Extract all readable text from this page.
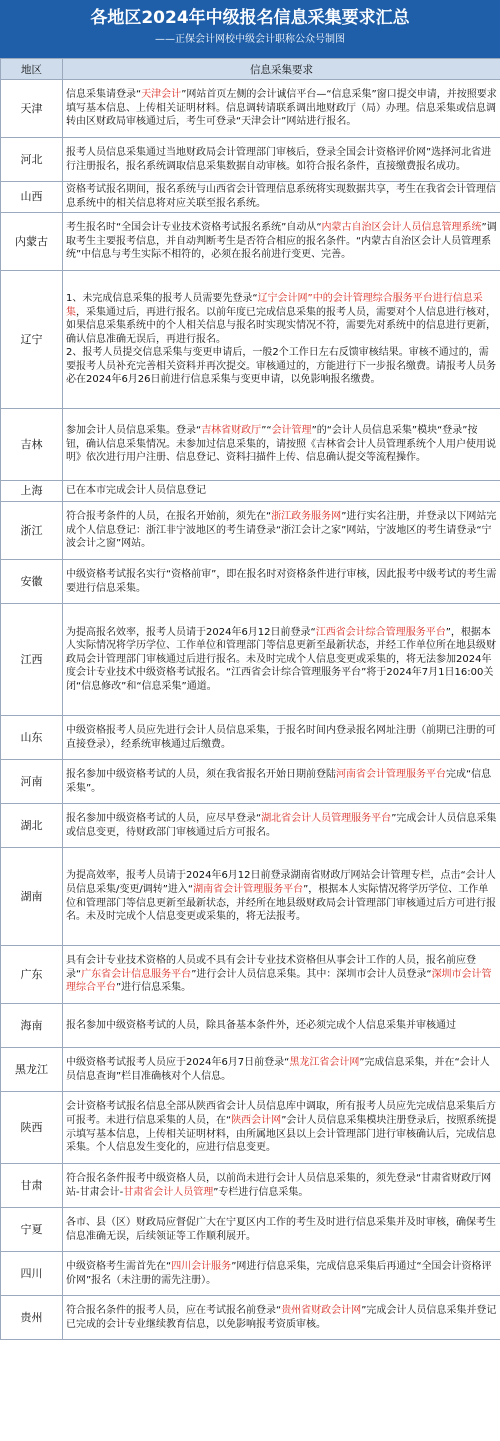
各地区2024年中级报名信息采集要求汇总
——正保会计网校中级会计职称公众号制图
地区	信息采集要求
天津	信息采集请登录“天津会计”网站首页左侧的会计诚信平台—“信息采集”窗口提交申请，并按照要求填写基本信息、上传相关证明材料。信息调转请联系调出地财政厅（局）办理。信息采集或信息调转由区财政局审核通过后，考生可登录“天津会计”网站进行报名。
河北	报考人员信息采集通过当地财政局会计管理部门审核后，登录全国会计资格评价网”选择河北省进行注册报名，报名系统调取信息采集数据自动审核。如符合报名条件，直接缴费报名成功。
山西	资格考试报名期间，报名系统与山西省会计管理信息系统将实现数据共享，考生在我省会计管理信息系统中的相关信息将对应关联至报名系统。
内蒙古	考生报名时“全国会计专业技术资格考试报名系统”自动从“内蒙古自治区会计人员信息管理系统”调取考生主要报考信息，并自动判断考生是否符合相应的报名条件。“内蒙古自治区会计人员管理系统”中信息与考生实际不相符的，必须在报名前进行变更、完善。
辽宁	1、未完成信息采集的报考人员需要先登录“辽宁会计网”中的会计管理综合服务平台进行信息采集，采集通过后，再进行报名。以前年度已完成信息采集的报考人员，需要对个人信息进行核对，如果信息采集系统中的个人相关信息与报名时实现实情况不符，需要先对系统中的信息进行更新，确认信息准确无误后，再进行报名。
2、报考人员提交信息采集与变更申请后，一般2个工作日左右反馈审核结果。审核不通过的，需要报考人员补充完善相关资料并再次提交。审核通过的，方能进行下一步报名缴费。请报考人员务必在2024年6月26日前进行信息采集与变更申请，以免影响报名缴费。
吉林	参加会计人员信息采集。登录“吉林省财政厅”“会计管理”的“会计人员信息采集”模块“登录”按钮，确认信息采集情况。未参加过信息采集的，请按照《吉林省会计人员管理系统个人用户使用说明》依次进行用户注册、信息登记、资料扫描件上传、信息确认提交等流程操作。
上海	已在本市完成会计人员信息登记
浙江	符合报考条件的人员，在报名开始前，须先在“浙江政务服务网”进行实名注册，并登录以下网站完成个人信息登记：浙江非宁波地区的考生请登录“浙江会计之家”网站，宁波地区的考生请登录“宁波会计之窗”网站。
安徽	中级资格考试报名实行“资格前审”，即在报名时对资格条件进行审核，因此报考中级考试的考生需要进行信息采集。
江西	为提高报名效率，报考人员请于2024年6月12日前登录“江西省会计综合管理服务平台”，根据本人实际情况将学历学位、工作单位和管理部门等信息更新至最新状态，并经工作单位所在地县级财政局会计管理部门审核通过后进行报名。未及时完成个人信息变更或采集的，将无法参加2024年度会计专业技术中级资格考试报名。“江西省会计综合管理服务平台”将于2024年7月1日16:00关闭“信息修改”和“信息采集”通道。
山东	中级资格报考人员应先进行会计人员信息采集，于报名时间内登录报名网址注册（前期已注册的可直接登录），经系统审核通过后缴费。
河南	报名参加中级资格考试的人员，须在我省报名开始日期前登陆河南省会计管理服务平台完成“信息采集”。
湖北	报名参加中级资格考试的人员，应尽早登录“湖北省会计人员管理服务平台”完成会计人员信息采集或信息变更，待财政部门审核通过后方可报名。
湖南	为提高效率，报考人员请于2024年6月12日前登录湖南省财政厅网站会计管理专栏，点击“会计人员信息采集/变更/调转”进入“湖南省会计管理服务平台”，根据本人实际情况将学历学位、工作单位和管理部门等信息更新至最新状态，并经所在地县级财政局会计管理部门审核通过后方可进行报名。未及时完成个人信息变更或采集的，将无法报考。
广东	具有会计专业技术资格的人员或不具有会计专业技术资格但从事会计工作的人员，报名前应登录“广东省会计信息服务平台”进行会计人员信息采集。其中：深圳市会计人员登录“深圳市会计管理综合平台”进行信息采集。
海南	报名参加中级资格考试的人员，除具备基本条件外，还必须完成个人信息采集并审核通过
黑龙江	中级资格考试报考人员应于2024年6月7日前登录“黑龙江省会计网”完成信息采集，并在“会计人员信息查询”栏目准确核对个人信息。
陕西	会计资格考试报名信息全部从陕西省会计人员信息库中调取，所有报考人员应先完成信息采集后方可报考。未进行信息采集的人员，在“陕西会计网”会计人员信息采集模块注册登录后，按照系统提示填写基本信息，上传相关证明材料，由所属地区县以上会计管理部门进行审核确认后，完成信息采集。个人信息发生变化的，应进行信息变更。
甘肃	符合报名条件报考中级资格人员，以前尚未进行会计人员信息采集的，须先登录“甘肃省财政厅网站-甘肃会计-甘肃省会计人员管理”专栏进行信息采集。
宁夏	各市、县（区）财政局应督促广大在宁夏区内工作的考生及时进行信息采集并及时审核，确保考生信息准确无误，后续领证等工作顺利展开。
四川	中级资格考生需首先在“四川会计服务”网进行信息采集，完成信息采集后再通过“全国会计资格评价网”报名（未注册的需先注册）。
贵州	符合报名条件的报考人员，应在考试报名前登录“贵州省财政会计网”完成会计人员信息采集并登记已完成的会计专业继续教育信息，以免影响报考资质审核。
